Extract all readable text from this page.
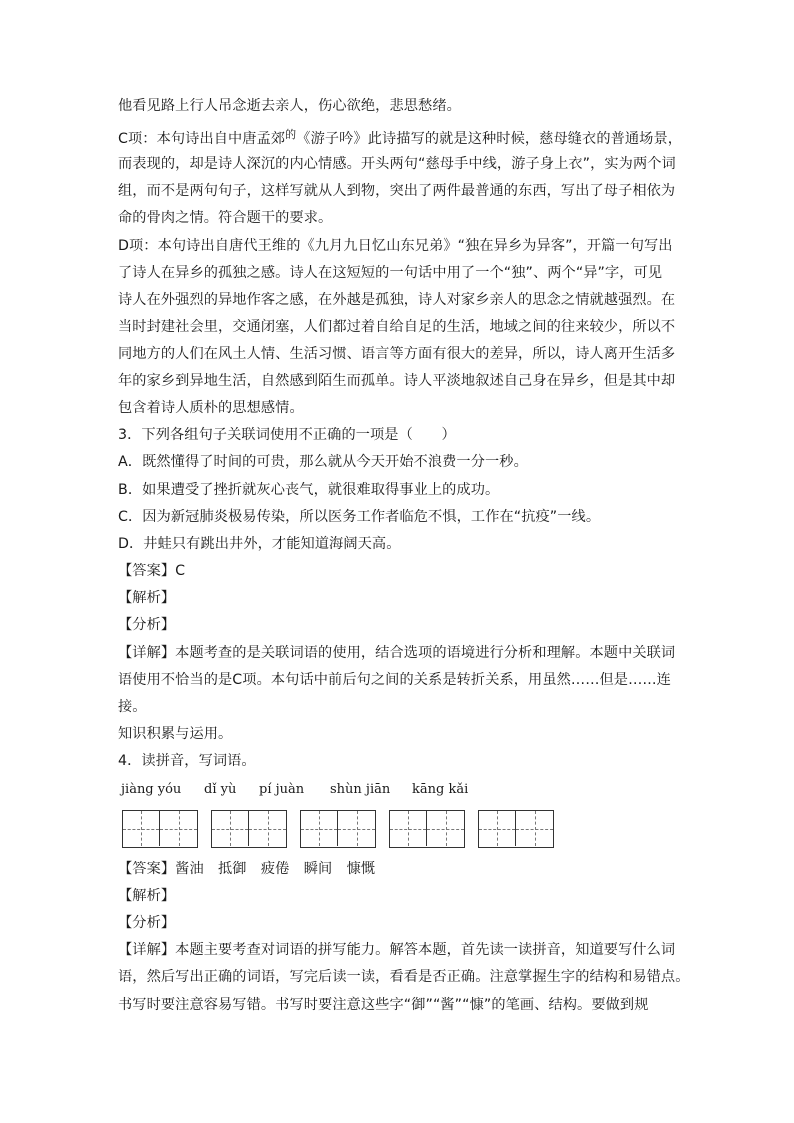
他看见路上行人吊念逝去亲人，伤心欲绝，悲思愁绪。
C项：本句诗出自中唐孟郊$^的$《游子吟》此诗描写的就是这种时候，慈母缝衣的普通场景，
而表现的，却是诗人深沉的内心情感。开头两句“慈母手中线，游子身上衣”，实为两个词
组，而不是两句句子，这样写就从人到物，突出了两件最普通的东西，写出了母子相依为
命的骨肉之情。符合题干的要求。
D项：本句诗出自唐代王维的《九月九日忆山东兄弟》“独在异乡为异客”，开篇一句写出
了诗人在异乡的孤独之感。诗人在这短短的一句话中用了一个“独”、两个“异”字，可见
诗人在外强烈的异地作客之感，在外越是孤独，诗人对家乡亲人的思念之情就越强烈。在
当时封建社会里，交通闭塞，人们都过着自给自足的生活，地域之间的往来较少，所以不
同地方的人们在风土人情、生活习惯、语言等方面有很大的差异，所以，诗人离开生活多
年的家乡到异地生活，自然感到陌生而孤单。诗人平淡地叙述自己身在异乡，但是其中却
包含着诗人质朴的思想感情。
3．下列各组句子关联词使用不正确的一项是（　　）
A．既然懂得了时间的可贵，那么就从今天开始不浪费一分一秒。
B．如果遭受了挫折就灰心丧气，就很难取得事业上的成功。
C．因为新冠肺炎极易传染，所以医务工作者临危不惧，工作在“抗疫”一线。
D．井蛙只有跳出井外，才能知道海阔天高。
【答案】C
【解析】
【分析】
【详解】本题考查的是关联词语的使用，结合选项的语境进行分析和理解。本题中关联词
语使用不恰当的是C项。本句话中前后句之间的关系是转折关系，用虽然……但是……连
接。
知识积累与运用。
4．读拼音，写词语。
jiàng yóu dǐ yù pí juàn shùn jiān kāng kǎi
【答案】酱油　抵御　疲倦　瞬间　慷慨
【解析】
【分析】
【详解】本题主要考查对词语的拼写能力。解答本题，首先读一读拼音，知道要写什么词
语，然后写出正确的词语，写完后读一读，看看是否正确。注意掌握生字的结构和易错点。
书写时要注意容易写错。书写时要注意这些字“御”“酱”“慷”的笔画、结构。要做到规
